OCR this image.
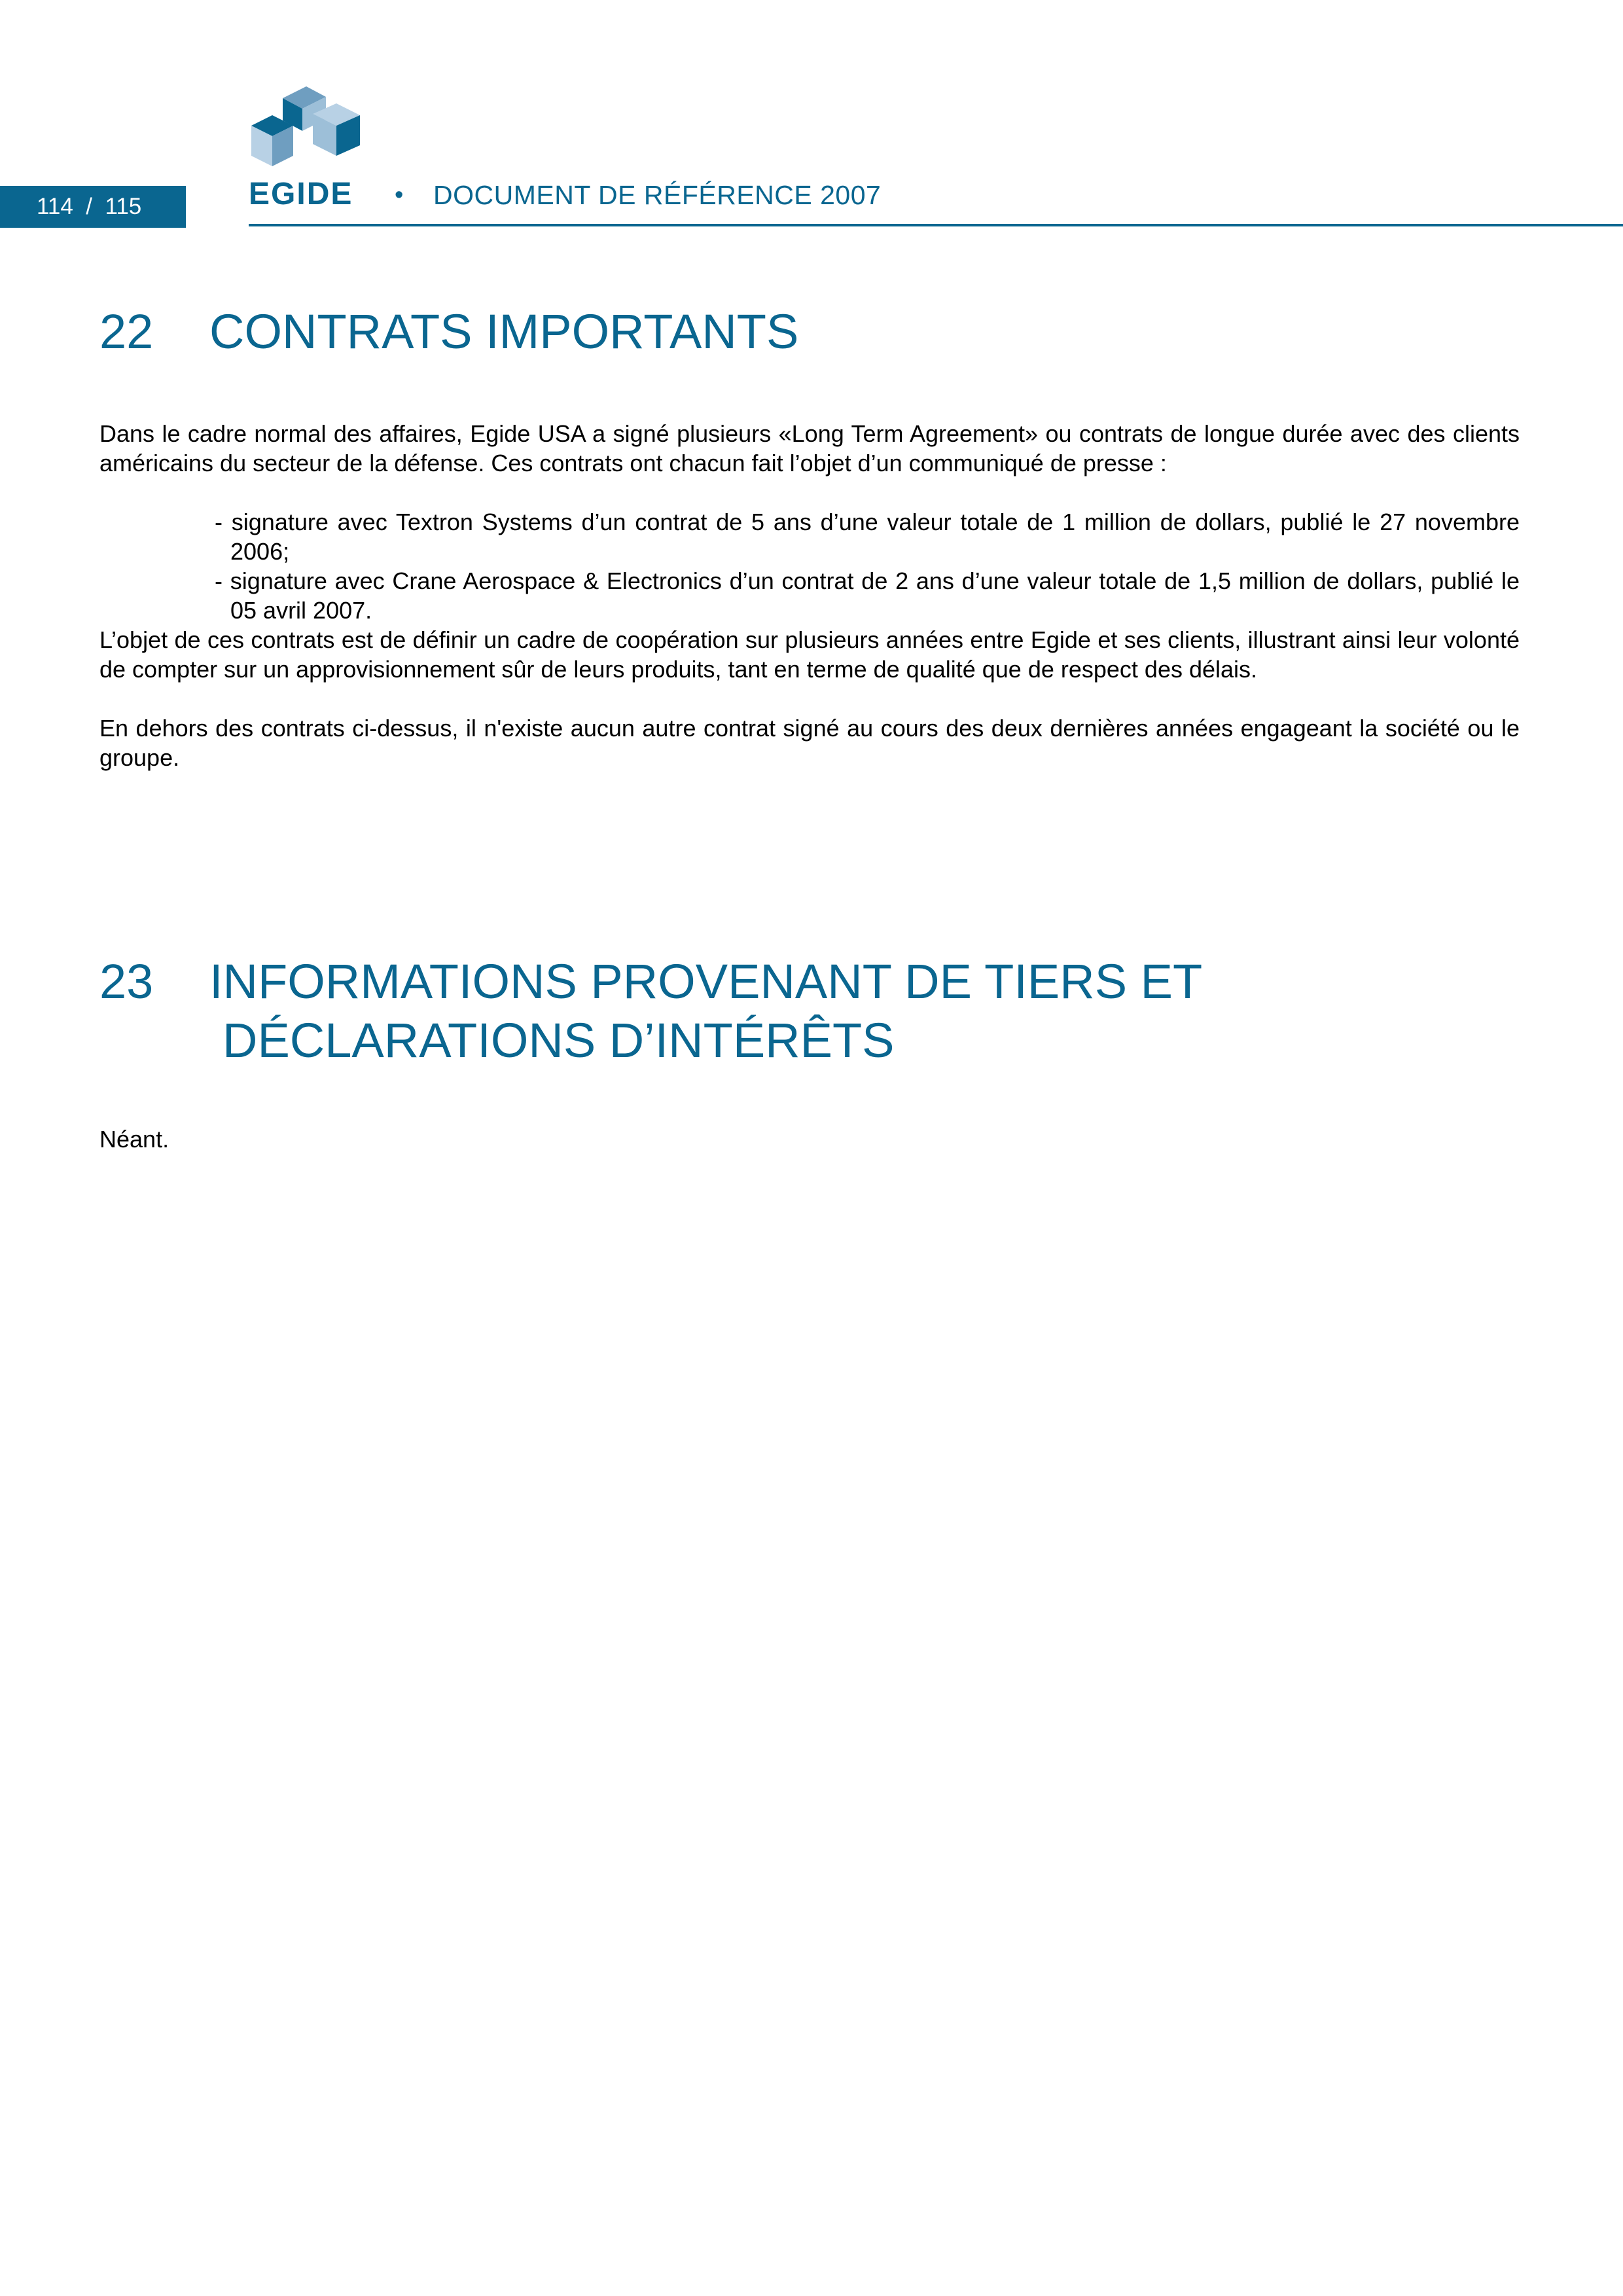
114 / 115	EGIDE • DOCUMENT DE RÉFÉRENCE 2007
22 CONTRATS IMPORTANTS
Dans le cadre normal des affaires, Egide USA a signé plusieurs «Long Term Agreement» ou contrats de longue durée avec des clients américains du secteur de la défense. Ces contrats ont chacun fait l’objet d’un communiqué de presse :
- signature avec Textron Systems d’un contrat de 5 ans d’une valeur totale de 1 million de dollars, publié le 27 novembre 2006;
- signature avec Crane Aerospace & Electronics d’un contrat de 2 ans d’une valeur totale de 1,5 million de dollars, publié le 05 avril 2007.
L’objet de ces contrats est de définir un cadre de coopération sur plusieurs années entre Egide et ses clients, illustrant ainsi leur volonté de compter sur un approvisionnement sûr de leurs produits, tant en terme de qualité que de respect des délais.
En dehors des contrats ci-dessus, il n'existe aucun autre contrat signé au cours des deux dernières années engageant la société ou le groupe.
23 INFORMATIONS PROVENANT DE TIERS ET
DÉCLARATIONS D’INTÉRÊTS
Néant.
